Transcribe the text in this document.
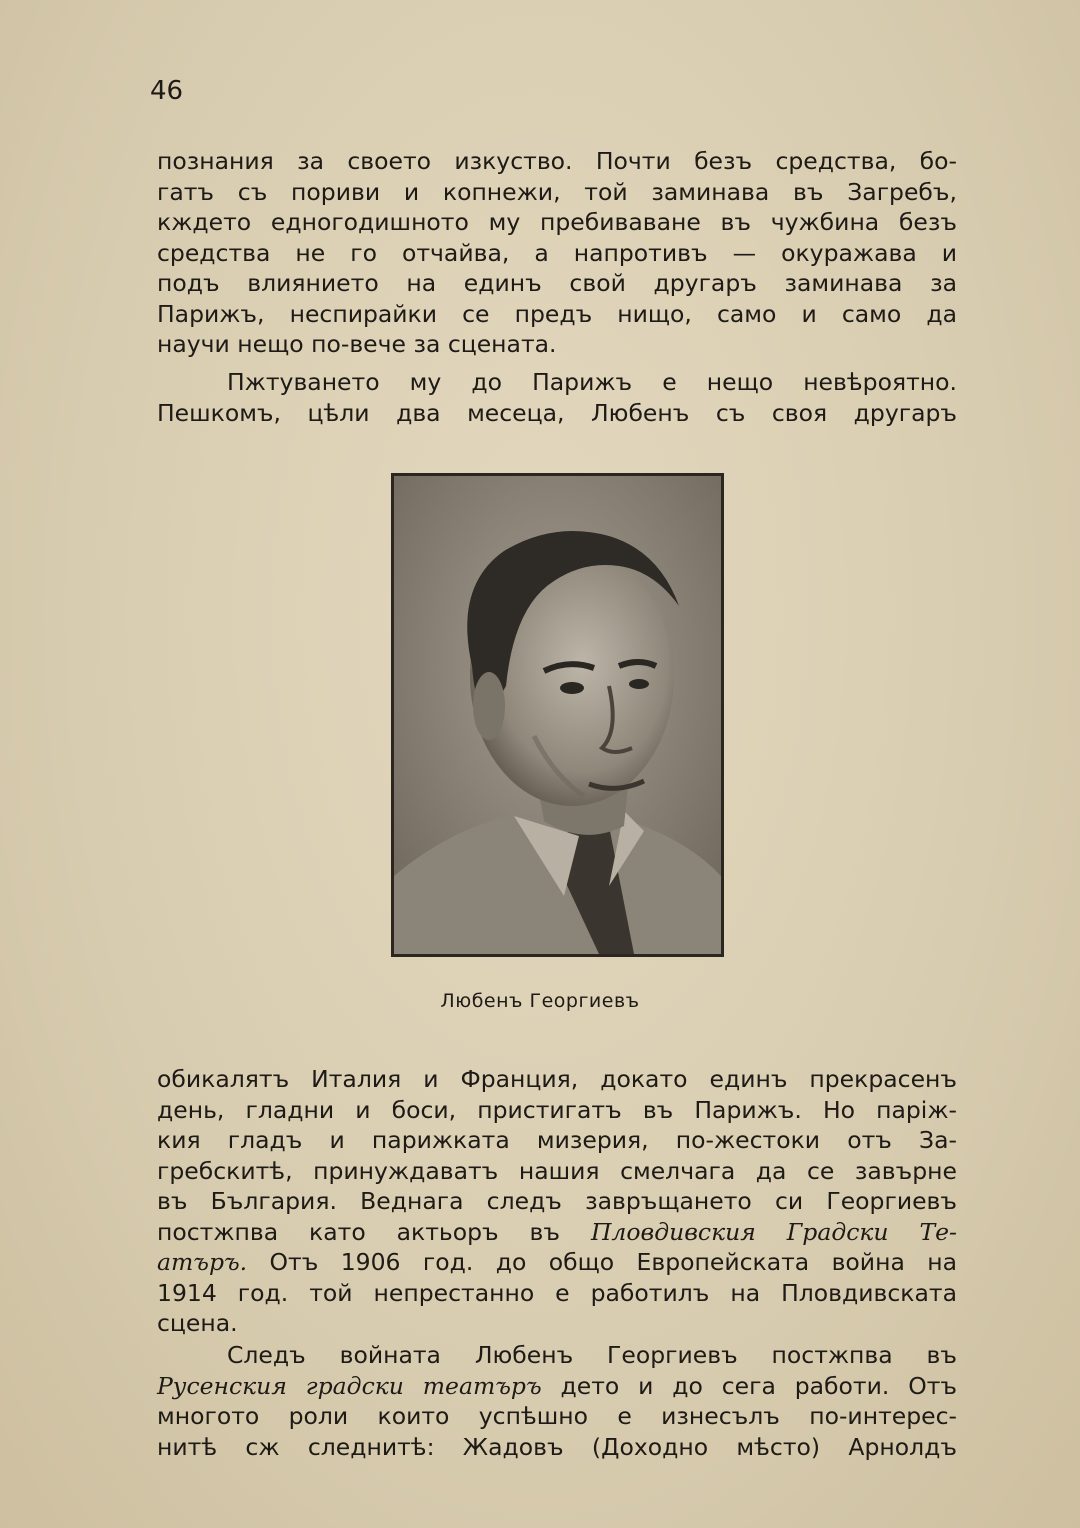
46

познания за своето изкуство. Почти безъ средства, бо-
гатъ съ пориви и копнежи, той заминава въ Загребъ,
кждето едногодишното му пребиваване въ чужбина безъ
средства не го отчайва, а напротивъ — окуражава и
подъ влиянието на единъ свой другаръ заминава за
Парижъ, неспирайки се предъ нищо, само и само да
научи нещо по-вече за сцената.

Пжтуването му до Парижъ е нещо невѣроятно.
Пешкомъ, цѣли два месеца, Любенъ съ своя другаръ

Любенъ Георгиевъ

обикалятъ Италия и Франция, докато единъ прекрасенъ
день, гладни и боси, пристигатъ въ Парижъ. Но парiж-
кия гладъ и парижката мизерия, по-жестоки отъ За-
гребскитѣ, принуждаватъ нашия смелчага да се завърне
въ България. Веднага следъ завръщането си Георгиевъ
постжпва като актьоръ въ Пловдивския Градски Те-
атъръ. Отъ 1906 год. до общо Европейската война на
1914 год. той непрестанно е работилъ на Пловдивската
сцена.

Следъ войната Любенъ Георгиевъ постжпва въ
Русенския градски театъръ дето и до сега работи. Отъ
многото роли които успѣшно е изнесълъ по-интерес-
нитѣ сж следнитѣ: Жадовъ (Доходно мѣсто) Арнолдъ
